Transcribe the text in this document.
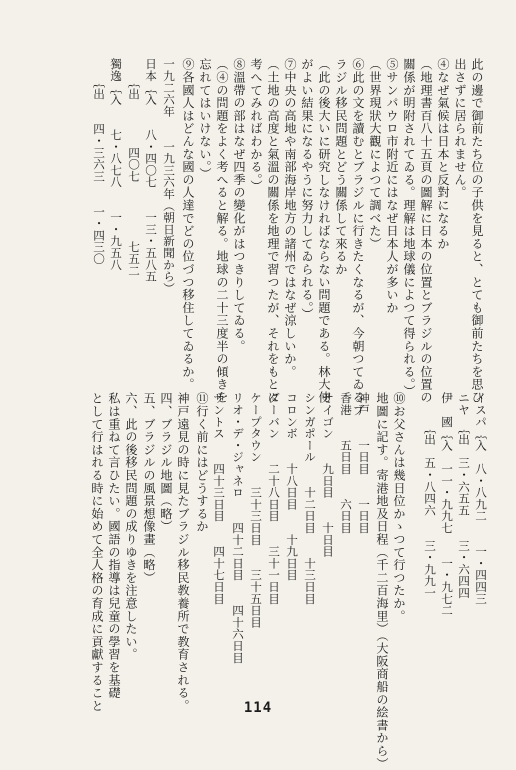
此の邊で御前たち位の子供を見ると、とても御前たちを思ひ
出さずに居られません。
④なぜ氣候は日本と反對になるか
（地理書百八十五頁の圖解に日本の位置とブラジルの位置の
關係が明附されてゐる。理解は地球儀によつて得られる。）
⑤サンパウロ市附近にはなぜ日本人が多いか
（世界現狀大觀によつて調べた）
⑥此の文を讀むとブラジルに行きたくなるが、今朝つてゐるブ
ラジル移民問題とどう關係して來るか
（此の後大いに研究しなければならない問題である。林大使
がよい結果になるやうに努力してゐられる。）
⑦中央の高地や南部海岸地方の諸州ではなぜ涼しいか。
（土地の高度と氣溫の關係を地理で習つたが、それをもとに
考へてみればわかる。）
⑧溫帶の部はなぜ四季の變化がはつきりしてゐる。
（④の問題をよく考へると解る。地球の二十三度半の傾きを
忘れてはいけない。）
⑨各國人はどんな國の人達でどの位づつ移住してゐるか。
一九二六年　　一九三六年（朝日新聞から）
日本｛入　　八・四〇七　　一三・五八五
　　｛出　　　　四〇七　　　　　七五二
獨逸｛入　　七・八七八　　一・九五八
　　｛出　　四・三六三　　一・四三〇
イスパ｛入　八・八九二　　一・四四三
ニヤ　｛出　三・六五五　　三・六四四
伊　國｛入　一一・九九七　　一・九七二
　　　｛出　五・八四六　　三・九九一
⑩お父さんは幾日位かゝつて行つたか。
地圖に記す。寄港地及日程（千二百海里）（大阪商船の絵書から）
神戸　　一日目　　一日目
香港　　五日目　　六日目
サイゴン　　九日目　　十日目
シンガポール　　十二日目　　十三日目
コロンボ　　十八日目　　十九日目
ダーバン　　二十八日目　　三十一日目
ケープタウン　　三十三日目　　三十五日目
リオ・デ・ジャネロ　　四十二日目　　四十六日目
サントス　　四十三日目　　四十七日目
⑪行く前にはどうするか
神戸遠見の時に見たブラジル移民教養所で教育される。
四、ブラジル地圖（略）
五、ブラジルの風景想像畫（略）
六、此の後移民問題の成りゆきを注意したい。
私は重ねて言ひたい。國語の指導は兒童の學習を基礎
として行はれる時に始めて全人格の育成に貢獻すること	114
